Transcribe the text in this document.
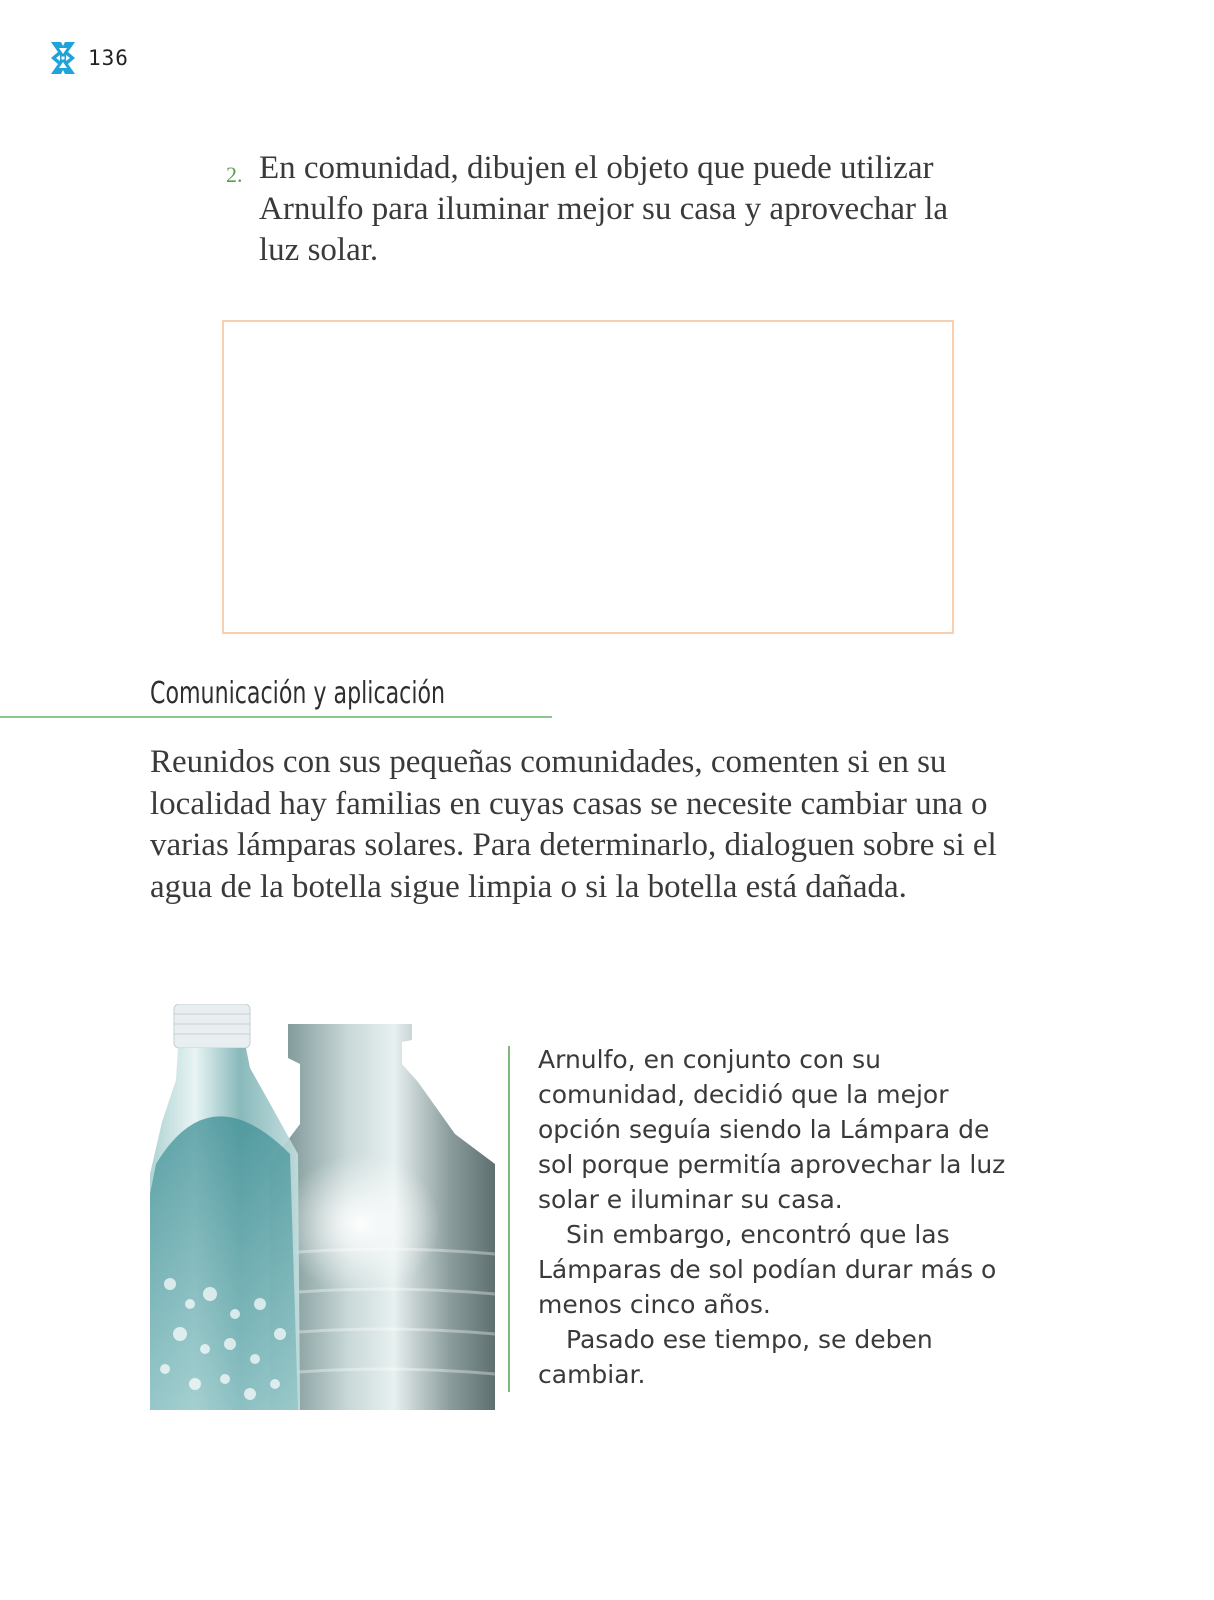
136
2. En comunidad, dibujen el objeto que puede utilizar Arnulfo para iluminar mejor su casa y aprovechar la luz solar.
Comunicación y aplicación

Reunidos con sus pequeñas comunidades, comenten si en su localidad hay familias en cuyas casas se necesite cambiar una o varias lámparas solares. Para determinarlo, dialoguen sobre si el agua de la botella sigue limpia o si la botella está dañada.

Arnulfo, en conjunto con su comunidad, decidió que la mejor opción seguía siendo la Lámpara de sol porque permitía aprovechar la luz solar e iluminar su casa.

Sin embargo, encontró que las Lámparas de sol podían durar más o menos cinco años.

Pasado ese tiempo, se deben cambiar.
